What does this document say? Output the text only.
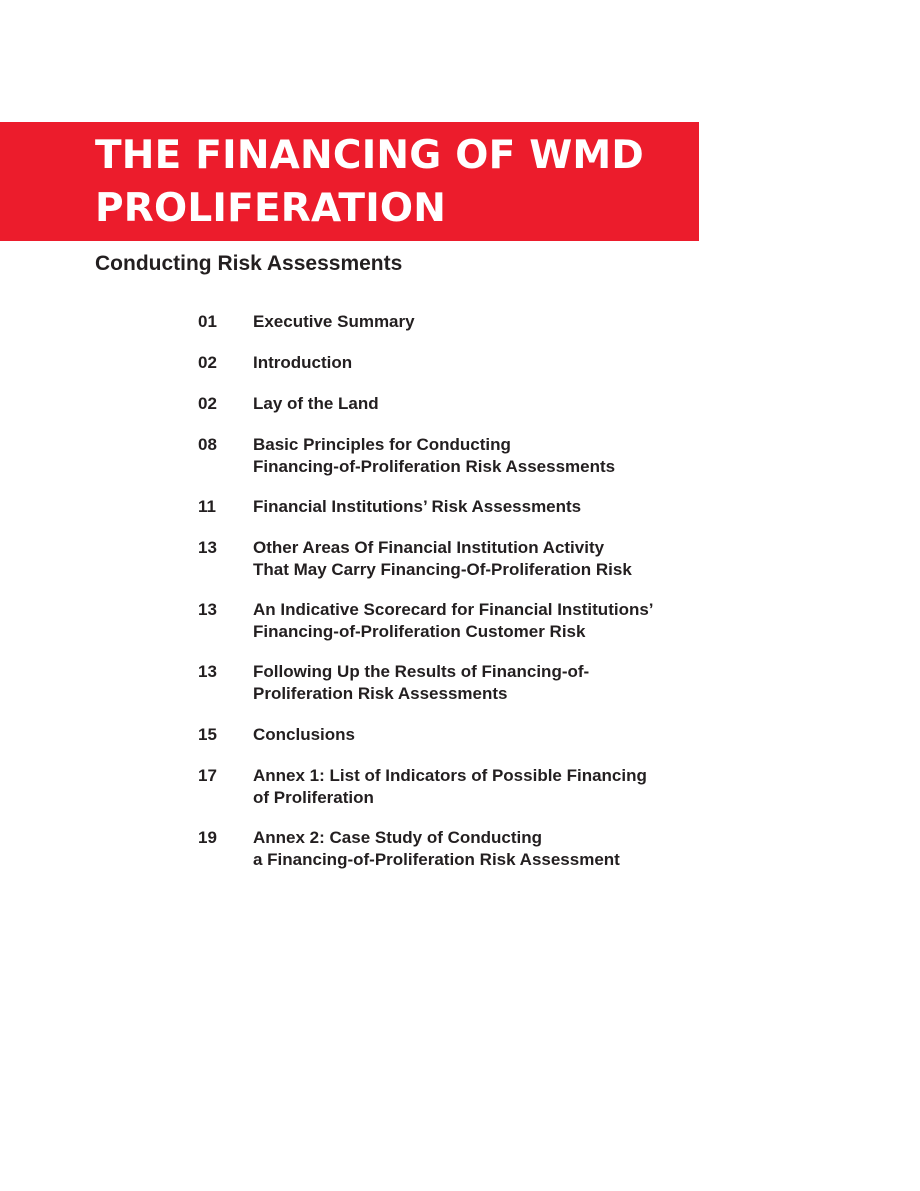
THE FINANCING OF WMD
PROLIFERATION
Conducting Risk Assessments
01 Executive Summary
02 Introduction
02 Lay of the Land
08 Basic Principles for Conducting
Financing-of-Proliferation Risk Assessments
11 Financial Institutions’ Risk Assessments
13 Other Areas Of Financial Institution Activity
That May Carry Financing-Of-Proliferation Risk
13 An Indicative Scorecard for Financial Institutions’
Financing-of-Proliferation Customer Risk
13 Following Up the Results of Financing-of-
Proliferation Risk Assessments
15 Conclusions
17 Annex 1: List of Indicators of Possible Financing
of Proliferation
19 Annex 2: Case Study of Conducting
a Financing-of-Proliferation Risk Assessment
